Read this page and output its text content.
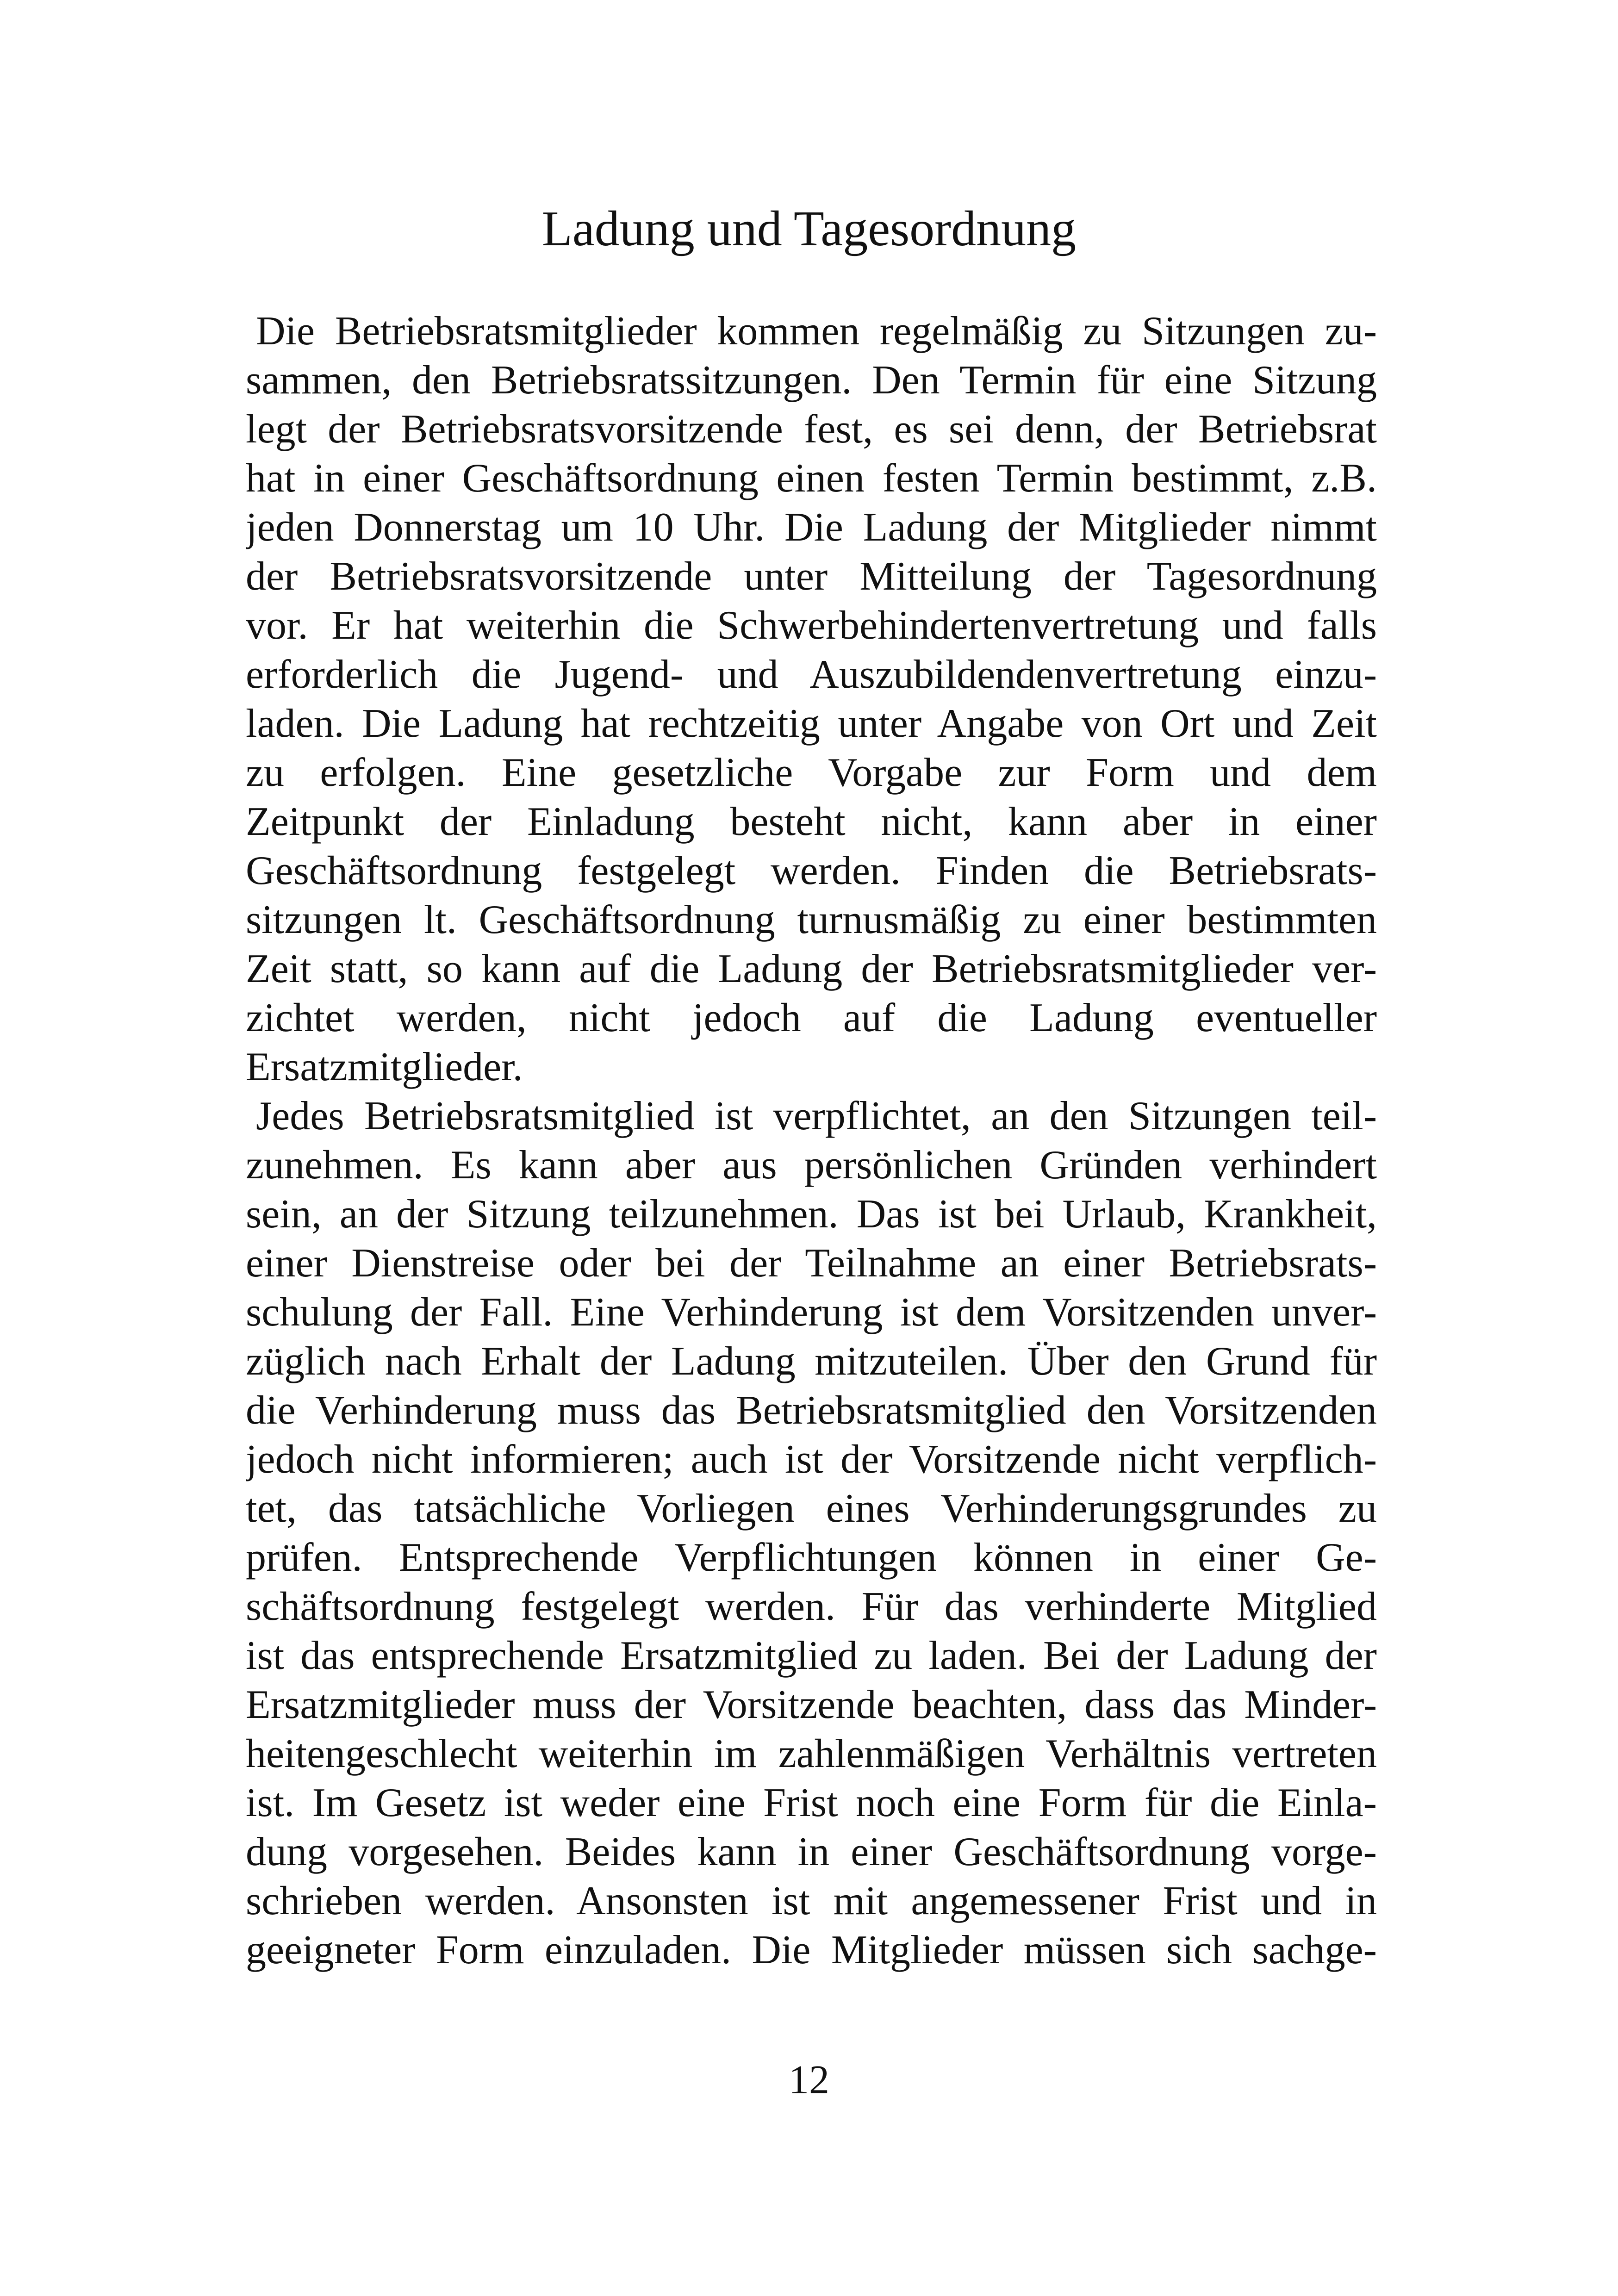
Ladung und Tagesordnung
Die Betriebsratsmitglieder kommen regelmäßig zu Sitzungen zu-
sammen, den Betriebsratssitzungen. Den Termin für eine Sitzung
legt der Betriebsratsvorsitzende fest, es sei denn, der Betriebsrat
hat in einer Geschäftsordnung einen festen Termin bestimmt, z.B.
jeden Donnerstag um 10 Uhr. Die Ladung der Mitglieder nimmt
der Betriebsratsvorsitzende unter Mitteilung der Tagesordnung
vor. Er hat weiterhin die Schwerbehindertenvertretung und falls
erforderlich die Jugend- und Auszubildendenvertretung einzu-
laden. Die Ladung hat rechtzeitig unter Angabe von Ort und Zeit
zu erfolgen. Eine gesetzliche Vorgabe zur Form und dem
Zeitpunkt der Einladung besteht nicht, kann aber in einer
Geschäftsordnung festgelegt werden. Finden die Betriebsrats-
sitzungen lt. Geschäftsordnung turnusmäßig zu einer bestimmten
Zeit statt, so kann auf die Ladung der Betriebsratsmitglieder ver-
zichtet werden, nicht jedoch auf die Ladung eventueller
Ersatzmitglieder.
Jedes Betriebsratsmitglied ist verpflichtet, an den Sitzungen teil-
zunehmen. Es kann aber aus persönlichen Gründen verhindert
sein, an der Sitzung teilzunehmen. Das ist bei Urlaub, Krankheit,
einer Dienstreise oder bei der Teilnahme an einer Betriebsrats-
schulung der Fall. Eine Verhinderung ist dem Vorsitzenden unver-
züglich nach Erhalt der Ladung mitzuteilen. Über den Grund für
die Verhinderung muss das Betriebsratsmitglied den Vorsitzenden
jedoch nicht informieren; auch ist der Vorsitzende nicht verpflich-
tet, das tatsächliche Vorliegen eines Verhinderungsgrundes zu
prüfen. Entsprechende Verpflichtungen können in einer Ge-
schäftsordnung festgelegt werden. Für das verhinderte Mitglied
ist das entsprechende Ersatzmitglied zu laden. Bei der Ladung der
Ersatzmitglieder muss der Vorsitzende beachten, dass das Minder-
heitengeschlecht weiterhin im zahlenmäßigen Verhältnis vertreten
ist. Im Gesetz ist weder eine Frist noch eine Form für die Einla-
dung vorgesehen. Beides kann in einer Geschäftsordnung vorge-
schrieben werden. Ansonsten ist mit angemessener Frist und in
geeigneter Form einzuladen. Die Mitglieder müssen sich sachge-
12
